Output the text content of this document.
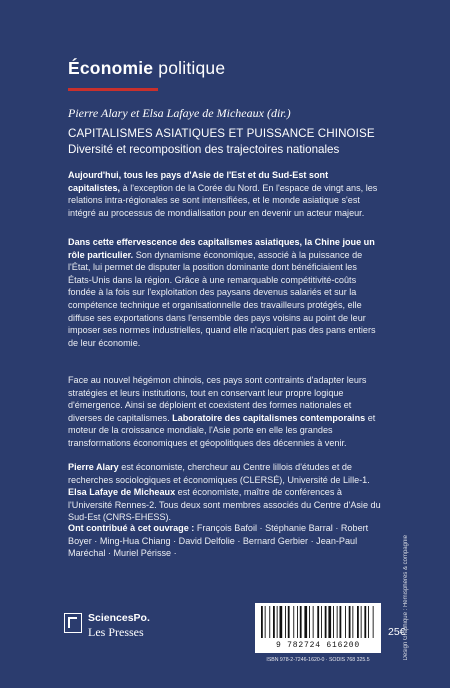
Économie politique
Pierre Alary et Elsa Lafaye de Micheaux (dir.)
CAPITALISMES ASIATIQUES ET PUISSANCE CHINOISE
Diversité et recomposition des trajectoires nationales
Aujourd'hui, tous les pays d'Asie de l'Est et du Sud-Est sont capitalistes, à l'exception de la Corée du Nord. En l'espace de vingt ans, les relations intra-régionales se sont intensifiées, et le monde asiatique s'est intégré au processus de mondialisation pour en devenir un acteur majeur.
Dans cette effervescence des capitalismes asiatiques, la Chine joue un rôle particulier. Son dynamisme économique, associé à la puissance de l'État, lui permet de disputer la position dominante dont bénéficiaient les États-Unis dans la région. Grâce à une remarquable compétitivité-coûts fondée à la fois sur l'exploitation des paysans devenus salariés et sur la compétence technique et organisationnelle des travailleurs protégés, elle diffuse ses exportations dans l'ensemble des pays voisins au point de leur imposer ses normes industrielles, quand elle n'acquiert pas des pans entiers de leur économie.
Face au nouvel hégémon chinois, ces pays sont contraints d'adapter leurs stratégies et leurs institutions, tout en conservant leur propre logique d'émergence. Ainsi se déploient et coexistent des formes nationales et diverses de capitalismes. Laboratoire des capitalismes contemporains et moteur de la croissance mondiale, l'Asie porte en elle les grandes transformations économiques et géopolitiques des décennies à venir.
Pierre Alary est économiste, chercheur au Centre lillois d'études et de recherches sociologiques et économiques (CLERSÉ), Université de Lille-1. Elsa Lafaye de Micheaux est économiste, maître de conférences à l'Université Rennes-2. Tous deux sont membres associés du Centre d'Asie du Sud-Est (CNRS-EHESS).
Ont contribué à cet ouvrage : François Bafoil · Stéphanie Barral · Robert Boyer · Ming-Hua Chiang · David Delfolie · Bernard Gerbier · Jean-Paul Maréchal · Muriel Périsse ·	Design Graphique : Hémisphères & compagnie
SciencesPo.
Les Presses
9 782724 616200
ISBN 978-2-7246-1620-0 · SODIS 768 325.5
25€
